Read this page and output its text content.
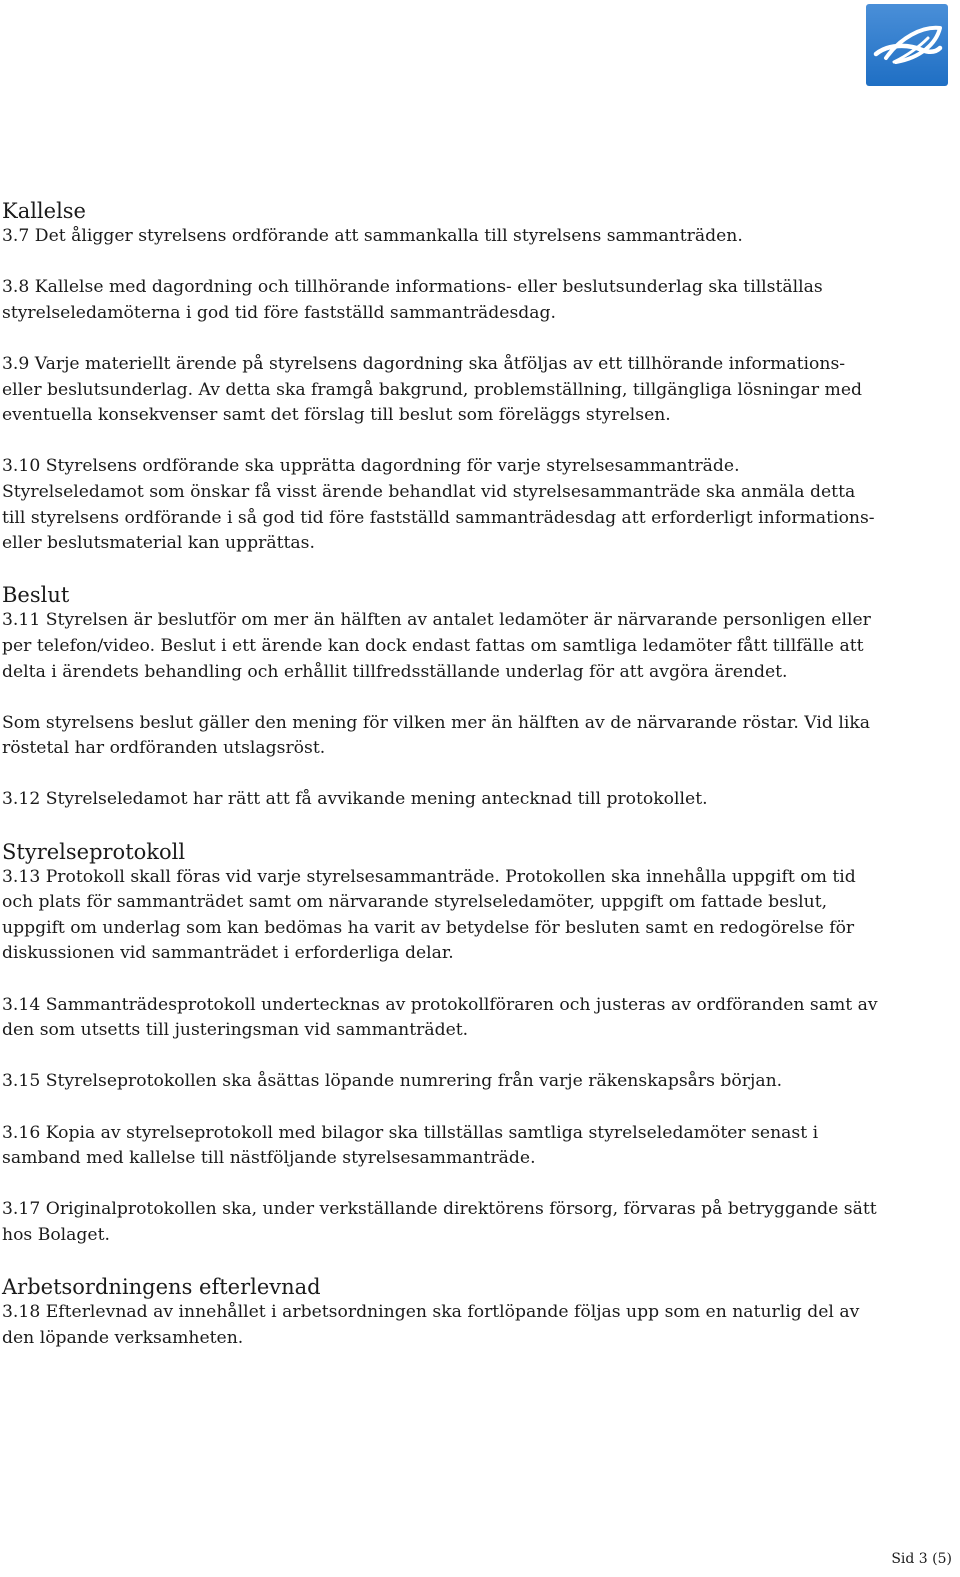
Kallelse

3.7 Det åligger styrelsens ordförande att sammankalla till styrelsens sammanträden.

3.8 Kallelse med dagordning och tillhörande informations- eller beslutsunderlag ska tillställas styrelseledamöterna i god tid före fastställd sammanträdesdag.

3.9 Varje materiellt ärende på styrelsens dagordning ska åtföljas av ett tillhörande informations- eller beslutsunderlag. Av detta ska framgå bakgrund, problemställning, tillgängliga lösningar med eventuella konsekvenser samt det förslag till beslut som föreläggs styrelsen.

3.10 Styrelsens ordförande ska upprätta dagordning för varje styrelsesammanträde. Styrelseledamot som önskar få visst ärende behandlat vid styrelsesammanträde ska anmäla detta till styrelsens ordförande i så god tid före fastställd sammanträdesdag att erforderligt informations- eller beslutsmaterial kan upprättas.

Beslut

3.11 Styrelsen är beslutför om mer än hälften av antalet ledamöter är närvarande personligen eller per telefon/video. Beslut i ett ärende kan dock endast fattas om samtliga ledamöter fått tillfälle att delta i ärendets behandling och erhållit tillfredsställande underlag för att avgöra ärendet.

Som styrelsens beslut gäller den mening för vilken mer än hälften av de närvarande röstar. Vid lika röstetal har ordföranden utslagsröst.

3.12 Styrelseledamot har rätt att få avvikande mening antecknad till protokollet.

Styrelseprotokoll

3.13 Protokoll skall föras vid varje styrelsesammanträde. Protokollen ska innehålla uppgift om tid och plats för sammanträdet samt om närvarande styrelseledamöter, uppgift om fattade beslut, uppgift om underlag som kan bedömas ha varit av betydelse för besluten samt en redogörelse för diskussionen vid sammanträdet i erforderliga delar.

3.14 Sammanträdesprotokoll undertecknas av protokollföraren och justeras av ordföranden samt av den som utsetts till justeringsman vid sammanträdet.

3.15 Styrelseprotokollen ska åsättas löpande numrering från varje räkenskapsårs början.

3.16 Kopia av styrelseprotokoll med bilagor ska tillställas samtliga styrelseledamöter senast i samband med kallelse till nästföljande styrelsesammanträde.

3.17 Originalprotokollen ska, under verkställande direktörens försorg, förvaras på betryggande sätt hos Bolaget.

Arbetsordningens efterlevnad

3.18 Efterlevnad av innehållet i arbetsordningen ska fortlöpande följas upp som en naturlig del av den löpande verksamheten.

Sid 3 (5)
